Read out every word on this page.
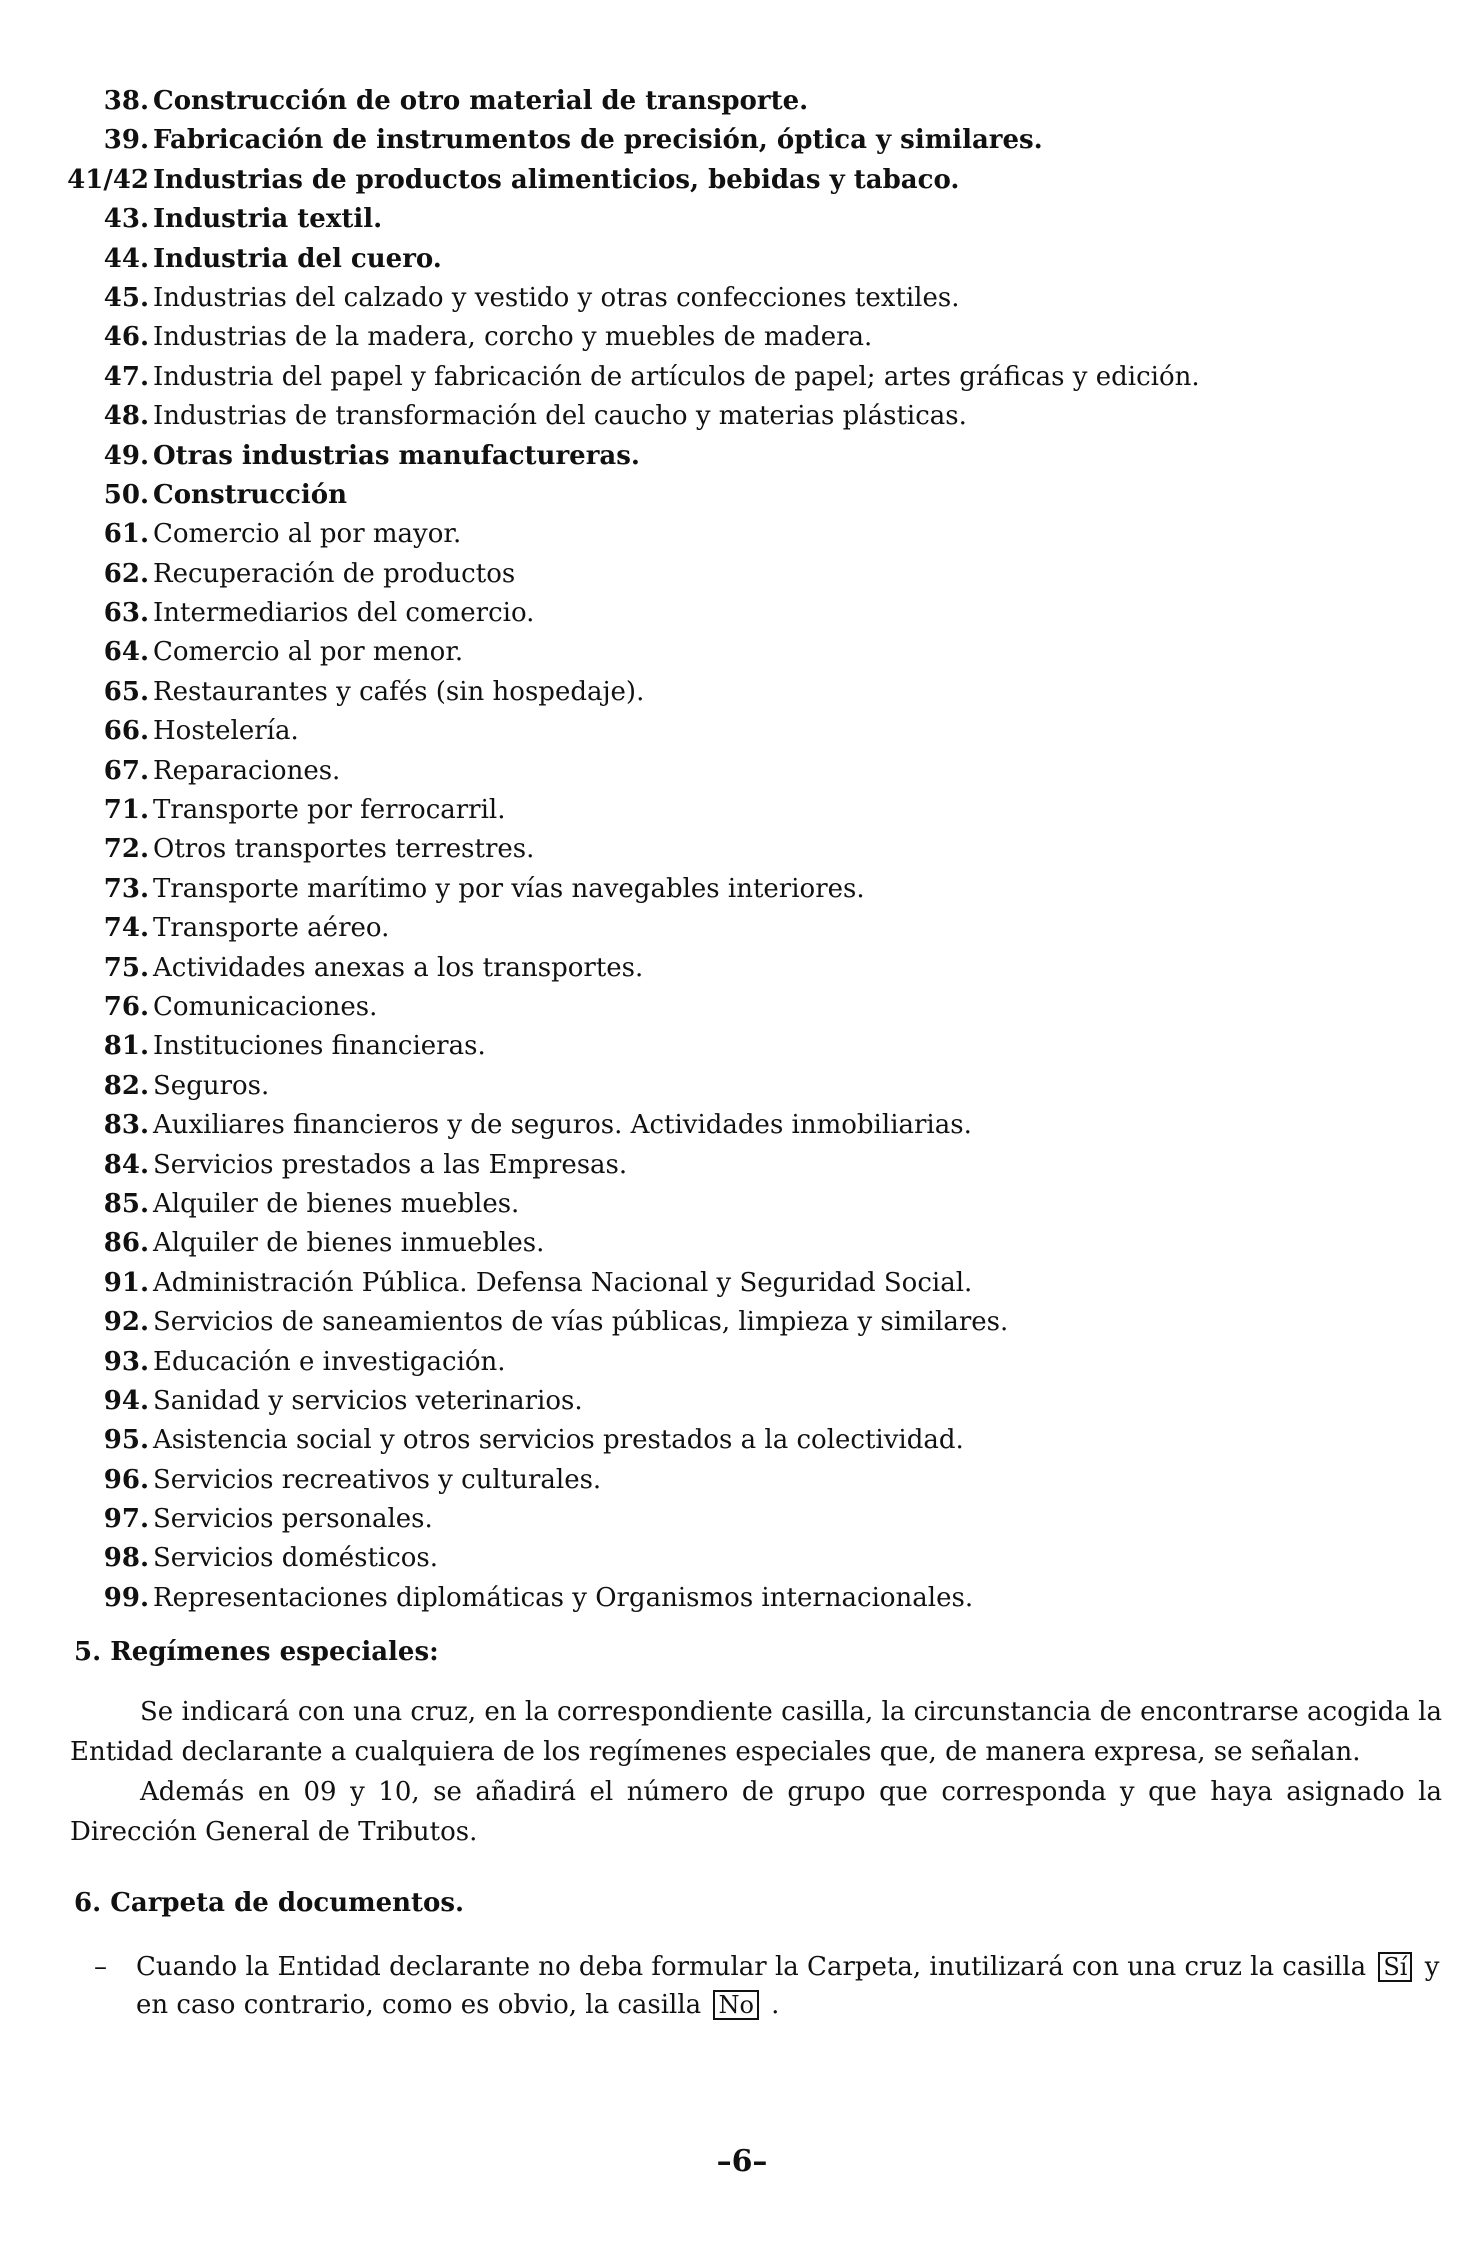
38. Construcción de otro material de transporte.
39. Fabricación de instrumentos de precisión, óptica y similares.
41/42 Industrias de productos alimenticios, bebidas y tabaco.
43. Industria textil.
44. Industria del cuero.
45. Industrias del calzado y vestido y otras confecciones textiles.
46. Industrias de la madera, corcho y muebles de madera.
47. Industria del papel y fabricación de artículos de papel; artes gráficas y edición.
48. Industrias de transformación del caucho y materias plásticas.
49. Otras industrias manufactureras.
50. Construcción
61. Comercio al por mayor.
62. Recuperación de productos
63. Intermediarios del comercio.
64. Comercio al por menor.
65. Restaurantes y cafés (sin hospedaje).
66. Hostelería.
67. Reparaciones.
71. Transporte por ferrocarril.
72. Otros transportes terrestres.
73. Transporte marítimo y por vías navegables interiores.
74. Transporte aéreo.
75. Actividades anexas a los transportes.
76. Comunicaciones.
81. Instituciones financieras.
82. Seguros.
83. Auxiliares financieros y de seguros. Actividades inmobiliarias.
84. Servicios prestados a las Empresas.
85. Alquiler de bienes muebles.
86. Alquiler de bienes inmuebles.
91. Administración Pública. Defensa Nacional y Seguridad Social.
92. Servicios de saneamientos de vías públicas, limpieza y similares.
93. Educación e investigación.
94. Sanidad y servicios veterinarios.
95. Asistencia social y otros servicios prestados a la colectividad.
96. Servicios recreativos y culturales.
97. Servicios personales.
98. Servicios domésticos.
99. Representaciones diplomáticas y Organismos internacionales.
5. Regímenes especiales:
Se indicará con una cruz, en la correspondiente casilla, la circunstancia de encontrarse acogida la Entidad declarante a cualquiera de los regímenes especiales que, de manera expresa, se señalan.
Además en 09 y 10, se añadirá el número de grupo que corresponda y que haya asignado la Dirección General de Tributos.
6. Carpeta de documentos.
– Cuando la Entidad declarante no deba formular la Carpeta, inutilizará con una cruz la casilla Sí y en caso contrario, como es obvio, la casilla No .
–6–
